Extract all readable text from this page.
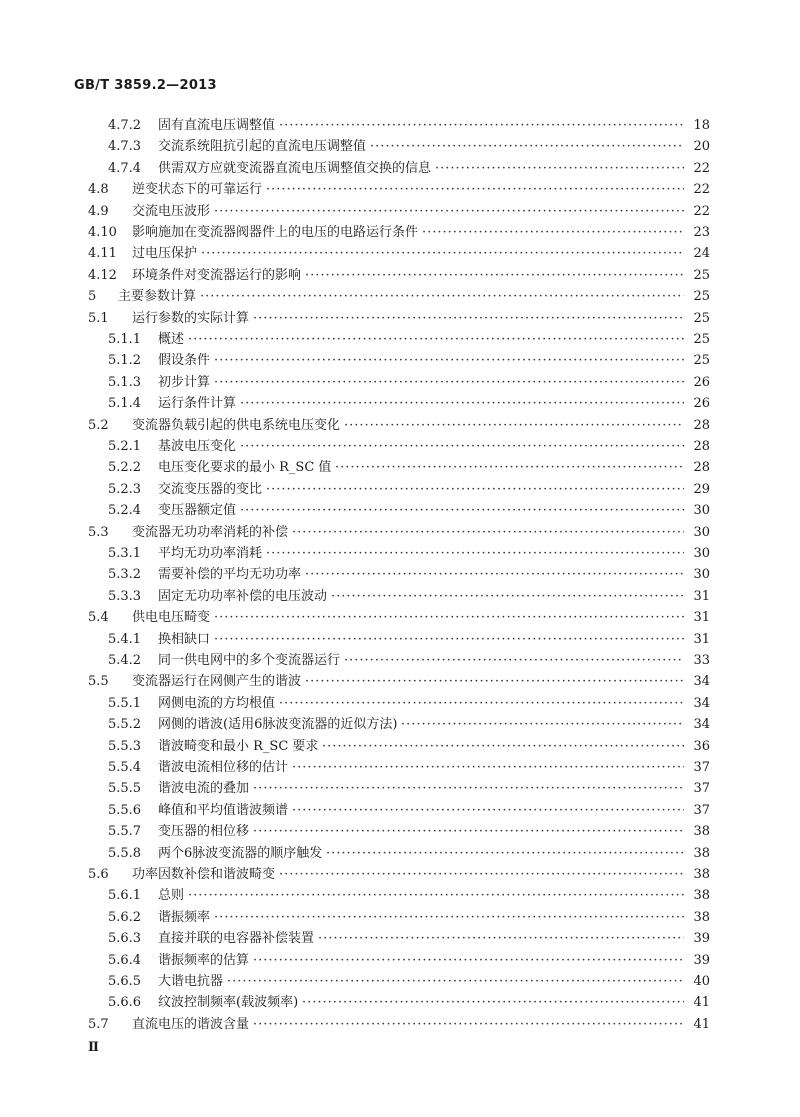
GB/T 3859.2—2013
4.7.2 固有直流电压调整值 ·····	18
4.7.3 交流系统阻抗引起的直流电压调整值 ·····	20
4.7.4 供需双方应就变流器直流电压调整值交换的信息 ·····	22
4.8 逆变状态下的可靠运行 ·····	22
4.9 交流电压波形 ·····	22
4.10 影响施加在变流器阀器件上的电压的电路运行条件 ·····	23
4.11 过电压保护 ·····	24
4.12 环境条件对变流器运行的影响 ·····	25
5 主要参数计算 ·····	25
5.1 运行参数的实际计算 ·····	25
5.1.1 概述 ·····	25
5.1.2 假设条件 ·····	25
5.1.3 初步计算 ·····	26
5.1.4 运行条件计算 ·····	26
5.2 变流器负载引起的供电系统电压变化 ·····	28
5.2.1 基波电压变化 ·····	28
5.2.2 电压变化要求的最小 R_SC 值 ·····	28
5.2.3 交流变压器的变比 ·····	29
5.2.4 变压器额定值 ·····	30
5.3 变流器无功功率消耗的补偿 ·····	30
5.3.1 平均无功功率消耗 ·····	30
5.3.2 需要补偿的平均无功功率 ·····	30
5.3.3 固定无功功率补偿的电压波动 ·····	31
5.4 供电电压畸变 ·····	31
5.4.1 换相缺口 ·····	31
5.4.2 同一供电网中的多个变流器运行 ·····	33
5.5 变流器运行在网侧产生的谐波 ·····	34
5.5.1 网侧电流的方均根值 ·····	34
5.5.2 网侧的谐波(适用6脉波变流器的近似方法) ·····	34
5.5.3 谐波畸变和最小 R_SC 要求 ·····	36
5.5.4 谐波电流相位移的估计 ·····	37
5.5.5 谐波电流的叠加 ·····	37
5.5.6 峰值和平均值谐波频谱 ·····	37
5.5.7 变压器的相位移 ·····	38
5.5.8 两个6脉波变流器的顺序触发 ·····	38
5.6 功率因数补偿和谐波畸变 ·····	38
5.6.1 总则 ·····	38
5.6.2 谐振频率 ·····	38
5.6.3 直接并联的电容器补偿装置 ·····	39
5.6.4 谐振频率的估算 ·····	39
5.6.5 大谐电抗器 ·····	40
5.6.6 纹波控制频率(载波频率) ·····	41
5.7 直流电压的谐波含量 ·····	41
Ⅱ
